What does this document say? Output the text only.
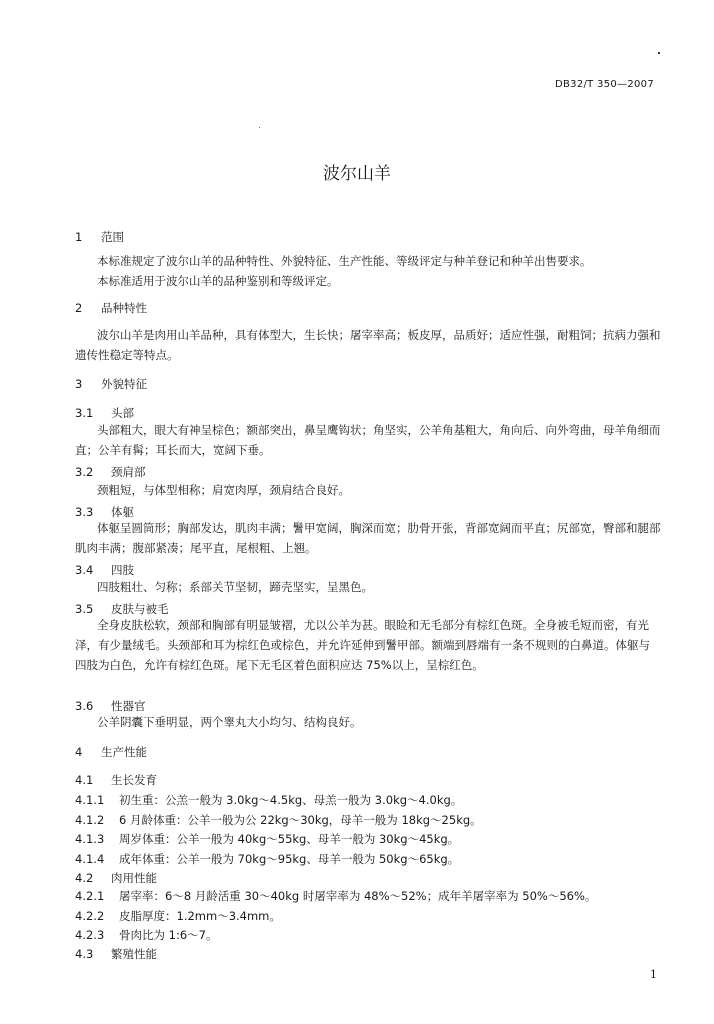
DB32/T 350—2007
波尔山羊
1 范围
本标准规定了波尔山羊的品种特性、外貌特征、生产性能、等级评定与种羊登记和种羊出售要求。
本标准适用于波尔山羊的品种鉴别和等级评定。
2 品种特性
波尔山羊是肉用山羊品种，具有体型大，生长快；屠宰率高；板皮厚，品质好；适应性强，耐粗饲；抗病力强和遗传性稳定等特点。
3 外貌特征
3.1 头部
头部粗大，眼大有神呈棕色；额部突出，鼻呈鹰钩状；角坚实，公羊角基粗大，角向后、向外弯曲，母羊角细而直；公羊有髯；耳长而大，宽阔下垂。
3.2 颈肩部
颈粗短，与体型相称；肩宽肉厚，颈肩结合良好。
3.3 体躯
体躯呈圆筒形；胸部发达，肌肉丰满；鬐甲宽阔，胸深而宽；肋骨开张，背部宽阔而平直；尻部宽，臀部和腿部肌肉丰满；腹部紧凑；尾平直，尾根粗、上翘。
3.4 四肢
四肢粗壮、匀称；系部关节坚韧，蹄壳坚实，呈黑色。
3.5 皮肤与被毛
全身皮肤松软，颈部和胸部有明显皱褶，尤以公羊为甚。眼睑和无毛部分有棕红色斑。全身被毛短而密，有光泽，有少量绒毛。头颈部和耳为棕红色或棕色，并允许延伸到鬐甲部。额端到唇端有一条不规则的白鼻道。体躯与四肢为白色，允许有棕红色斑。尾下无毛区着色面积应达 75%以上，呈棕红色。
3.6 性器官
公羊阴囊下垂明显，两个睾丸大小均匀、结构良好。
4 生产性能
4.1 生长发育
4.1.1 初生重：公羔一般为 3.0kg～4.5kg、母羔一般为 3.0kg～4.0kg。
4.1.2 6 月龄体重：公羊一般为公 22kg～30kg，母羊一般为 18kg～25kg。
4.1.3 周岁体重：公羊一般为 40kg～55kg、母羊一般为 30kg～45kg。
4.1.4 成年体重：公羊一般为 70kg～95kg、母羊一般为 50kg～65kg。
4.2 肉用性能
4.2.1 屠宰率：6～8 月龄活重 30～40kg 时屠宰率为 48%～52%；成年羊屠宰率为 50%～56%。
4.2.2 皮脂厚度：1.2mm～3.4mm。
4.2.3 骨肉比为 1:6～7。
4.3 繁殖性能
1
